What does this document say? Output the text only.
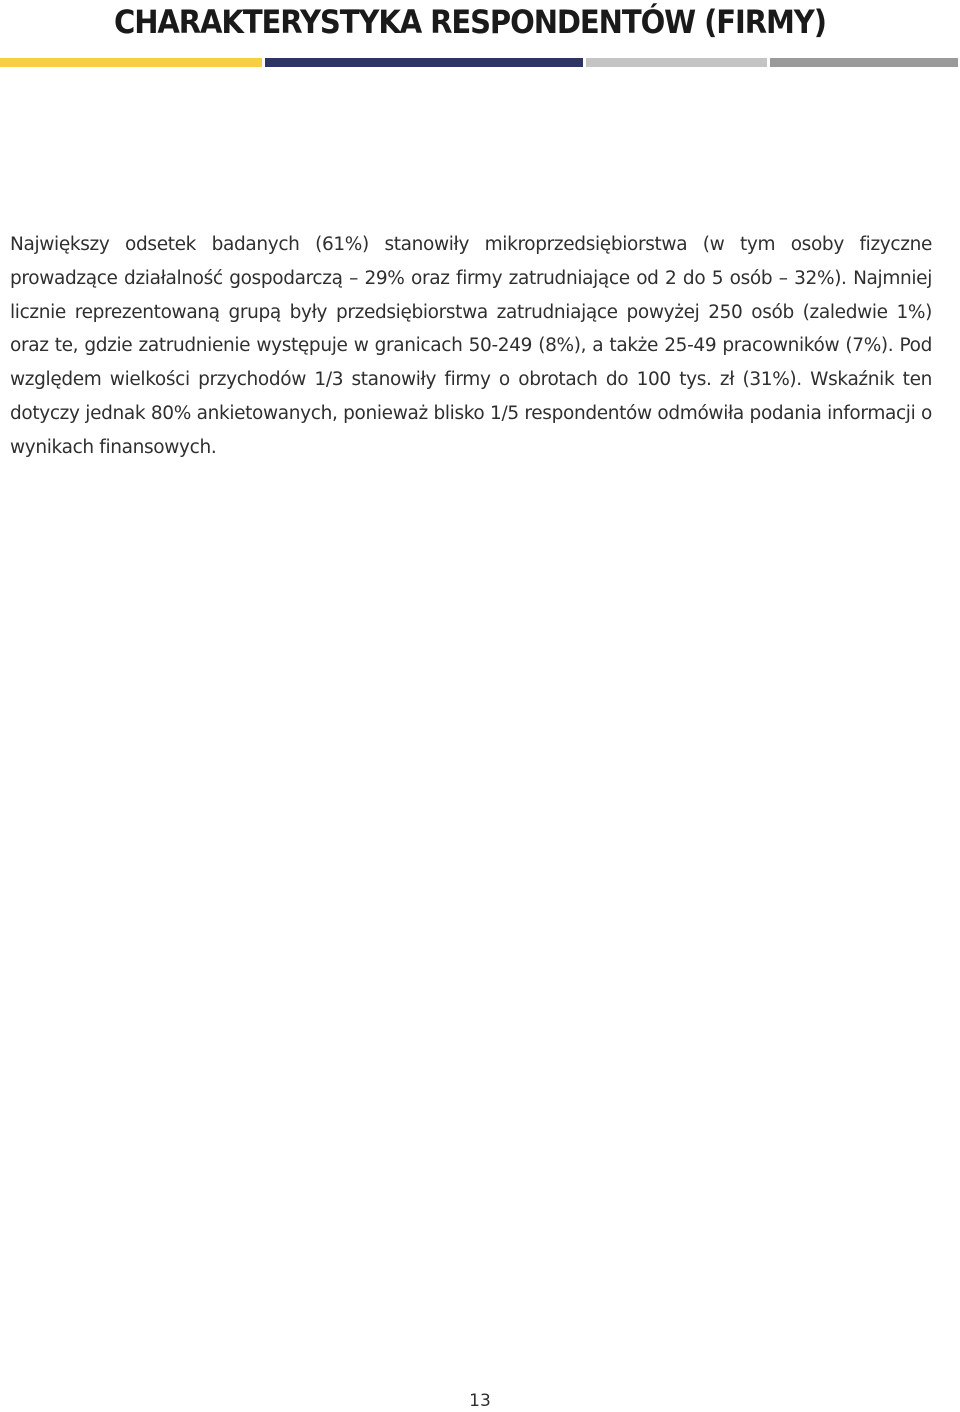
CHARAKTERYSTYKA RESPONDENTÓW (FIRMY)

Największy odsetek badanych (61%) stanowiły mikroprzedsiębiorstwa (w tym osoby fizyczne prowadzące działalność gospodarczą – 29% oraz firmy zatrudniające od 2 do 5 osób – 32%). Najmniej licznie reprezentowaną grupą były przedsiębiorstwa zatrudniające powyżej 250 osób (zaledwie 1%) oraz te, gdzie zatrudnienie występuje w granicach 50-249 (8%), a także 25-49 pracowników (7%). Pod względem wielkości przychodów 1/3 stanowiły firmy o obrotach do 100 tys. zł (31%). Wskaźnik ten dotyczy jednak 80% ankietowanych, ponieważ blisko 1/5 respondentów odmówiła podania informacji o wynikach finansowych.

13
